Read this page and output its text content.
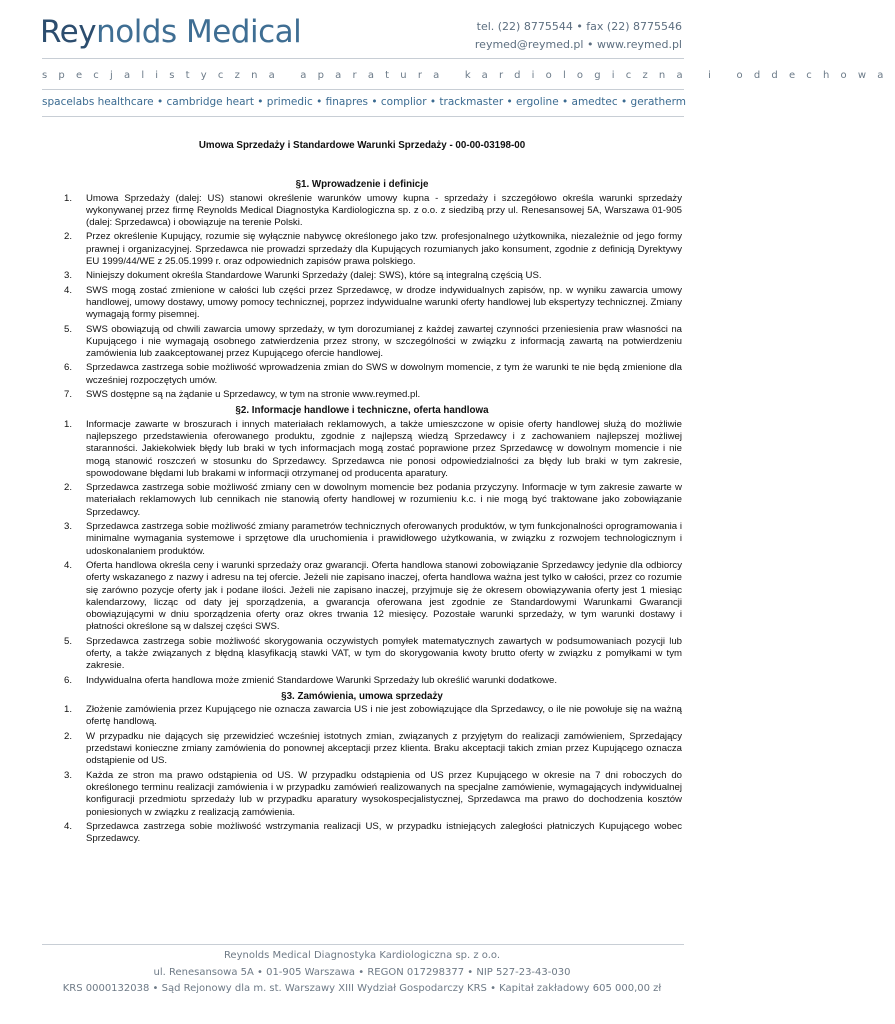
Reynolds Medical	tel. (22) 8775544 • fax (22) 8775546
reymed@reymed.pl • www.reymed.pl
specjalistyczna aparatura kardiologiczna i oddechowa
spacelabs healthcare • cambridge heart • primedic • finapres • complior • trackmaster • ergoline • amedtec • geratherm
Umowa Sprzedaży i Standardowe Warunki Sprzedaży - 00-00-03198-00
§1. Wprowadzenie i definicje
1. Umowa Sprzedaży (dalej: US) stanowi określenie warunków umowy kupna - sprzedaży i szczegółowo określa warunki sprzedaży wykonywanej przez firmę Reynolds Medical Diagnostyka Kardiologiczna sp. z o.o. z siedzibą przy ul. Renesansowej 5A, Warszawa 01-905 (dalej: Sprzedawca) i obowiązuje na terenie Polski.
2. Przez określenie Kupujący, rozumie się wyłącznie nabywcę określonego jako tzw. profesjonalnego użytkownika, niezależnie od jego formy prawnej i organizacyjnej. Sprzedawca nie prowadzi sprzedaży dla Kupujących rozumianych jako konsument, zgodnie z definicją Dyrektywy EU 1999/44/WE z 25.05.1999 r. oraz odpowiednich zapisów prawa polskiego.
3. Niniejszy dokument określa Standardowe Warunki Sprzedaży (dalej: SWS), które są integralną częścią US.
4. SWS mogą zostać zmienione w całości lub części przez Sprzedawcę, w drodze indywidualnych zapisów, np. w wyniku zawarcia umowy handlowej, umowy dostawy, umowy pomocy technicznej, poprzez indywidualne warunki oferty handlowej lub ekspertyzy technicznej. Zmiany wymagają formy pisemnej.
5. SWS obowiązują od chwili zawarcia umowy sprzedaży, w tym dorozumianej z każdej zawartej czynności przeniesienia praw własności na Kupującego i nie wymagają osobnego zatwierdzenia przez strony, w szczególności w związku z informacją zawartą na potwierdzeniu zamówienia lub zaakceptowanej przez Kupującego ofercie handlowej.
6. Sprzedawca zastrzega sobie możliwość wprowadzenia zmian do SWS w dowolnym momencie, z tym że warunki te nie będą zmienione dla wcześniej rozpoczętych umów.
7. SWS dostępne są na żądanie u Sprzedawcy, w tym na stronie www.reymed.pl.
§2. Informacje handlowe i techniczne, oferta handlowa
1. Informacje zawarte w broszurach i innych materiałach reklamowych, a także umieszczone w opisie oferty handlowej służą do możliwie najlepszego przedstawienia oferowanego produktu, zgodnie z najlepszą wiedzą Sprzedawcy i z zachowaniem najlepszej możliwej staranności. Jakiekolwiek błędy lub braki w tych informacjach mogą zostać poprawione przez Sprzedawcę w dowolnym momencie i nie mogą stanowić roszczeń w stosunku do Sprzedawcy. Sprzedawca nie ponosi odpowiedzialności za błędy lub braki w tym zakresie, spowodowane błędami lub brakami w informacji otrzymanej od producenta aparatury.
2. Sprzedawca zastrzega sobie możliwość zmiany cen w dowolnym momencie bez podania przyczyny. Informacje w tym zakresie zawarte w materiałach reklamowych lub cennikach nie stanowią oferty handlowej w rozumieniu k.c. i nie mogą być traktowane jako zobowiązanie Sprzedawcy.
3. Sprzedawca zastrzega sobie możliwość zmiany parametrów technicznych oferowanych produktów, w tym funkcjonalności oprogramowania i minimalne wymagania systemowe i sprzętowe dla uruchomienia i prawidłowego użytkowania, w związku z rozwojem technologicznym i udoskonalaniem produktów.
4. Oferta handlowa określa ceny i warunki sprzedaży oraz gwarancji. Oferta handlowa stanowi zobowiązanie Sprzedawcy jedynie dla odbiorcy oferty wskazanego z nazwy i adresu na tej ofercie. Jeżeli nie zapisano inaczej, oferta handlowa ważna jest tylko w całości, przez co rozumie się zarówno pozycje oferty jak i podane ilości. Jeżeli nie zapisano inaczej, przyjmuje się że okresem obowiązywania oferty jest 1 miesiąc kalendarzowy, licząc od daty jej sporządzenia, a gwarancja oferowana jest zgodnie ze Standardowymi Warunkami Gwarancji obowiązującymi w dniu sporządzenia oferty oraz okres trwania 12 miesięcy. Pozostałe warunki sprzedaży, w tym warunki dostawy i płatności określone są w dalszej części SWS.
5. Sprzedawca zastrzega sobie możliwość skorygowania oczywistych pomyłek matematycznych zawartych w podsumowaniach pozycji lub oferty, a także związanych z błędną klasyfikacją stawki VAT, w tym do skorygowania kwoty brutto oferty w związku z pomyłkami w tym zakresie.
6. Indywidualna oferta handlowa może zmienić Standardowe Warunki Sprzedaży lub określić warunki dodatkowe.
§3. Zamówienia, umowa sprzedaży
1. Złożenie zamówienia przez Kupującego nie oznacza zawarcia US i nie jest zobowiązujące dla Sprzedawcy, o ile nie powołuje się na ważną ofertę handlową.
2. W przypadku nie dających się przewidzieć wcześniej istotnych zmian, związanych z przyjętym do realizacji zamówieniem, Sprzedający przedstawi konieczne zmiany zamówienia do ponownej akceptacji przez klienta. Braku akceptacji takich zmian przez Kupującego oznacza odstąpienie od US.
3. Każda ze stron ma prawo odstąpienia od US. W przypadku odstąpienia od US przez Kupującego w okresie na 7 dni roboczych do określonego terminu realizacji zamówienia i w przypadku zamówień realizowanych na specjalne zamówienie, wymagających indywidualnej konfiguracji przedmiotu sprzedaży lub w przypadku aparatury wysokospecjalistycznej, Sprzedawca ma prawo do dochodzenia kosztów poniesionych w związku z realizacją zamówienia.
4. Sprzedawca zastrzega sobie możliwość wstrzymania realizacji US, w przypadku istniejących zaległości płatniczych Kupującego wobec Sprzedawcy.
Reynolds Medical Diagnostyka Kardiologiczna sp. z o.o.
ul. Renesansowa 5A • 01-905 Warszawa • REGON 017298377 • NIP 527-23-43-030
KRS 0000132038 • Sąd Rejonowy dla m. st. Warszawy XIII Wydział Gospodarczy KRS • Kapitał zakładowy 605 000,00 zł
